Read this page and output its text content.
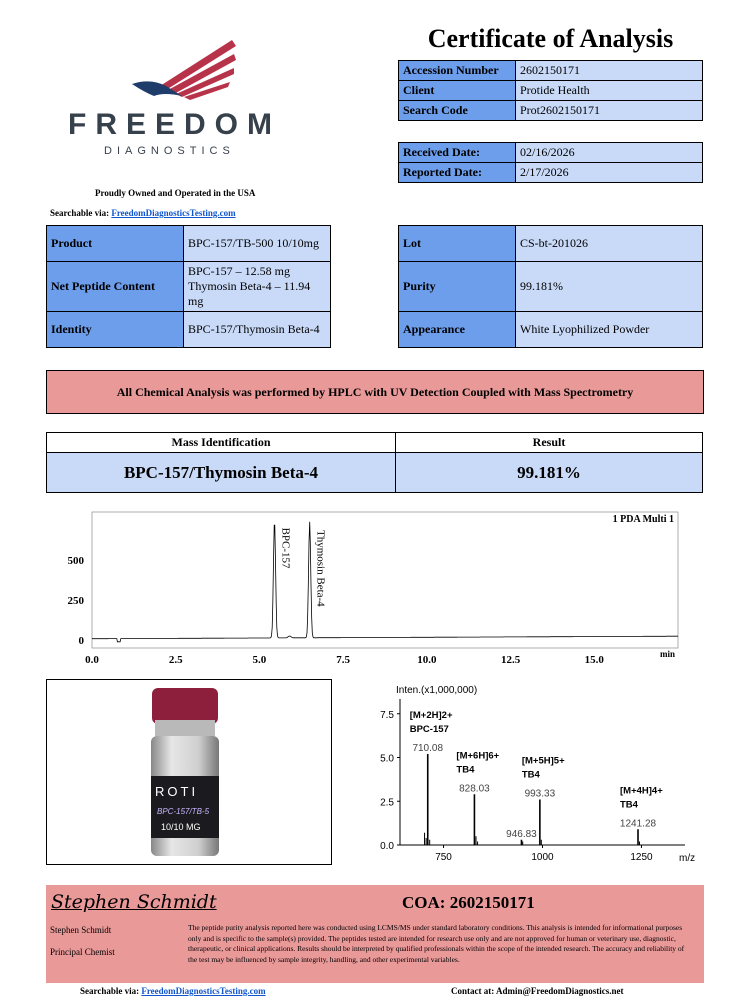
FREEDOM
DIAGNOSTICS
Proudly Owned and Operated in the USA
Searchable via: FreedomDiagnosticsTesting.com
Certificate of Analysis
Accession Number	2602150171
Client	Protide Health
Search Code	Prot2602150171
Received Date:	02/16/2026
Reported Date:	2/17/2026
Product	BPC-157/TB-500 10/10mg
Net Peptide Content	BPC-157 – 12.58 mg Thymosin Beta-4 – 11.94 mg
Identity	BPC-157/Thymosin Beta-4
Lot	CS-bt-201026
Purity	99.181%
Appearance	White Lyophilized Powder
All Chemical Analysis was performed by HPLC with UV Detection Coupled with Mass Spectrometry
Mass Identification	Result
BPC-157/Thymosin Beta-4	99.181%
0
250
500
0.0	2.5	5.0	7.5	10.0	12.5	15.0	min
1 PDA Multi 1
BPC-157 Thymosin Beta-4
ROTI
BPC-157/TB-5
10/10 MG
Inten.(x1,000,000)
0.0
2.5
5.0
7.5
750	1000	1250	m/z
710.08
[M+2H]2+
BPC-157
828.03
[M+6H]6+
TB4
993.33
[M+5H]5+
TB4
946.83
1241.28
[M+4H]4+
TB4
Stephen Schmidt	COA: 2602150171
Stephen Schmidt
Principal Chemist
The peptide purity analysis reported here was conducted using LCMS/MS under standard laboratory conditions. This analysis is intended for informational purposes only and is specific to the sample(s) provided. The peptides tested are intended for research use only and are not approved for human or veterinary use, diagnostic, therapeutic, or clinical applications. Results should be interpreted by qualified professionals within the scope of the intended research. The accuracy and reliability of the test may be influenced by sample integrity, handling, and other experimental variables.
Searchable via: FreedomDiagnosticsTesting.com	Contact at: Admin@FreedomDiagnostics.net
